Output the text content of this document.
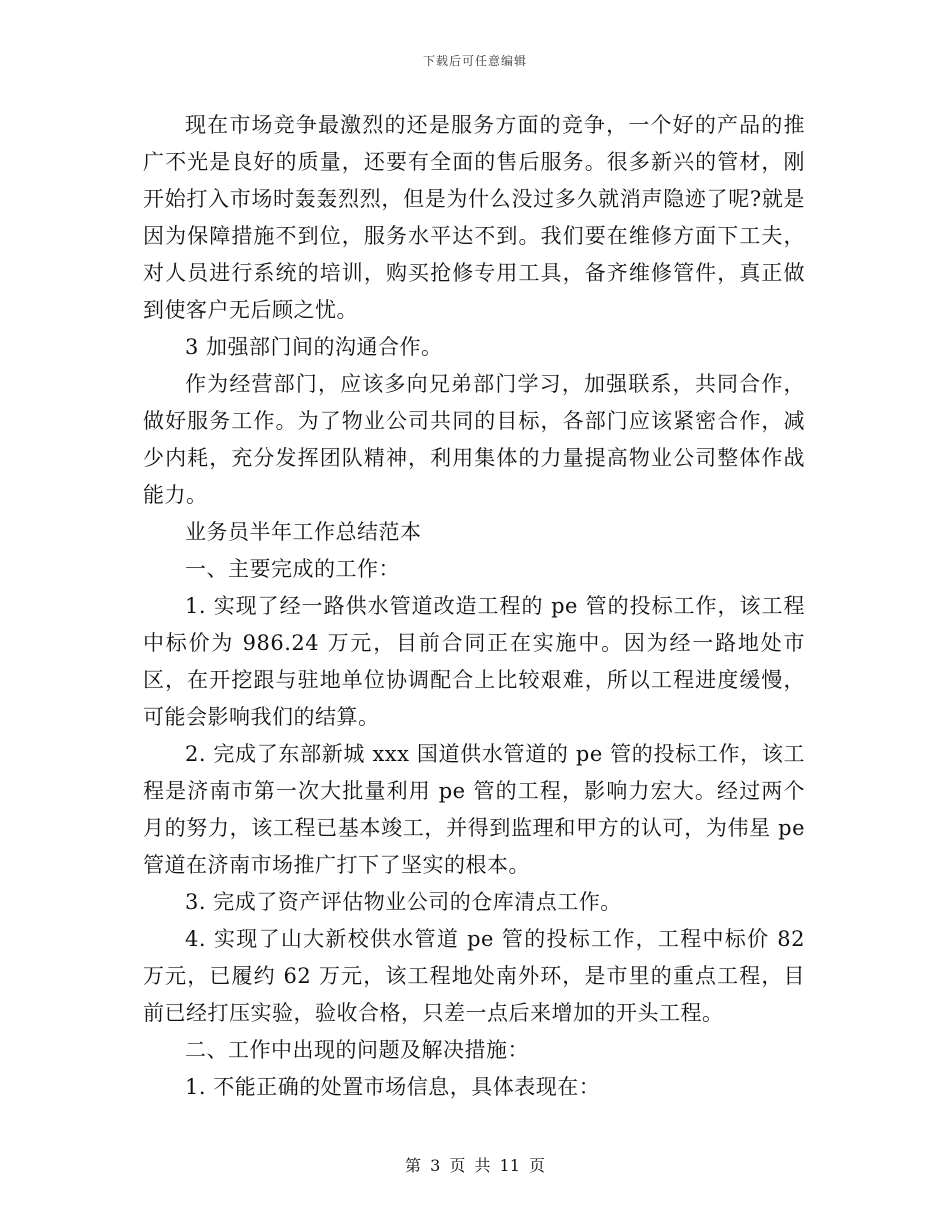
下载后可任意编辑

现在市场竞争最激烈的还是服务方面的竞争，一个好的产品的推广不光是良好的质量，还要有全面的售后服务。很多新兴的管材，刚开始打入市场时轰轰烈烈，但是为什么没过多久就消声隐迹了呢?就是因为保障措施不到位，服务水平达不到。我们要在维修方面下工夫，对人员进行系统的培训，购买抢修专用工具，备齐维修管件，真正做到使客户无后顾之忧。

3 加强部门间的沟通合作。

作为经营部门，应该多向兄弟部门学习，加强联系，共同合作，做好服务工作。为了物业公司共同的目标，各部门应该紧密合作，减少内耗，充分发挥团队精神，利用集体的力量提高物业公司整体作战能力。

业务员半年工作总结范本

一、主要完成的工作：

1. 实现了经一路供水管道改造工程的 pe 管的投标工作，该工程中标价为 986.24 万元，目前合同正在实施中。因为经一路地处市区，在开挖跟与驻地单位协调配合上比较艰难，所以工程进度缓慢，可能会影响我们的结算。

2. 完成了东部新城 xxx 国道供水管道的 pe 管的投标工作，该工程是济南市第一次大批量利用 pe 管的工程，影响力宏大。经过两个月的努力，该工程已基本竣工，并得到监理和甲方的认可，为伟星 pe 管道在济南市场推广打下了坚实的根本。

3. 完成了资产评估物业公司的仓库清点工作。

4. 实现了山大新校供水管道 pe 管的投标工作，工程中标价 82 万元，已履约 62 万元，该工程地处南外环，是市里的重点工程，目前已经打压实验，验收合格，只差一点后来增加的开头工程。

二、工作中出现的问题及解决措施：

1. 不能正确的处置市场信息，具体表现在：

第 3 页 共 11 页
